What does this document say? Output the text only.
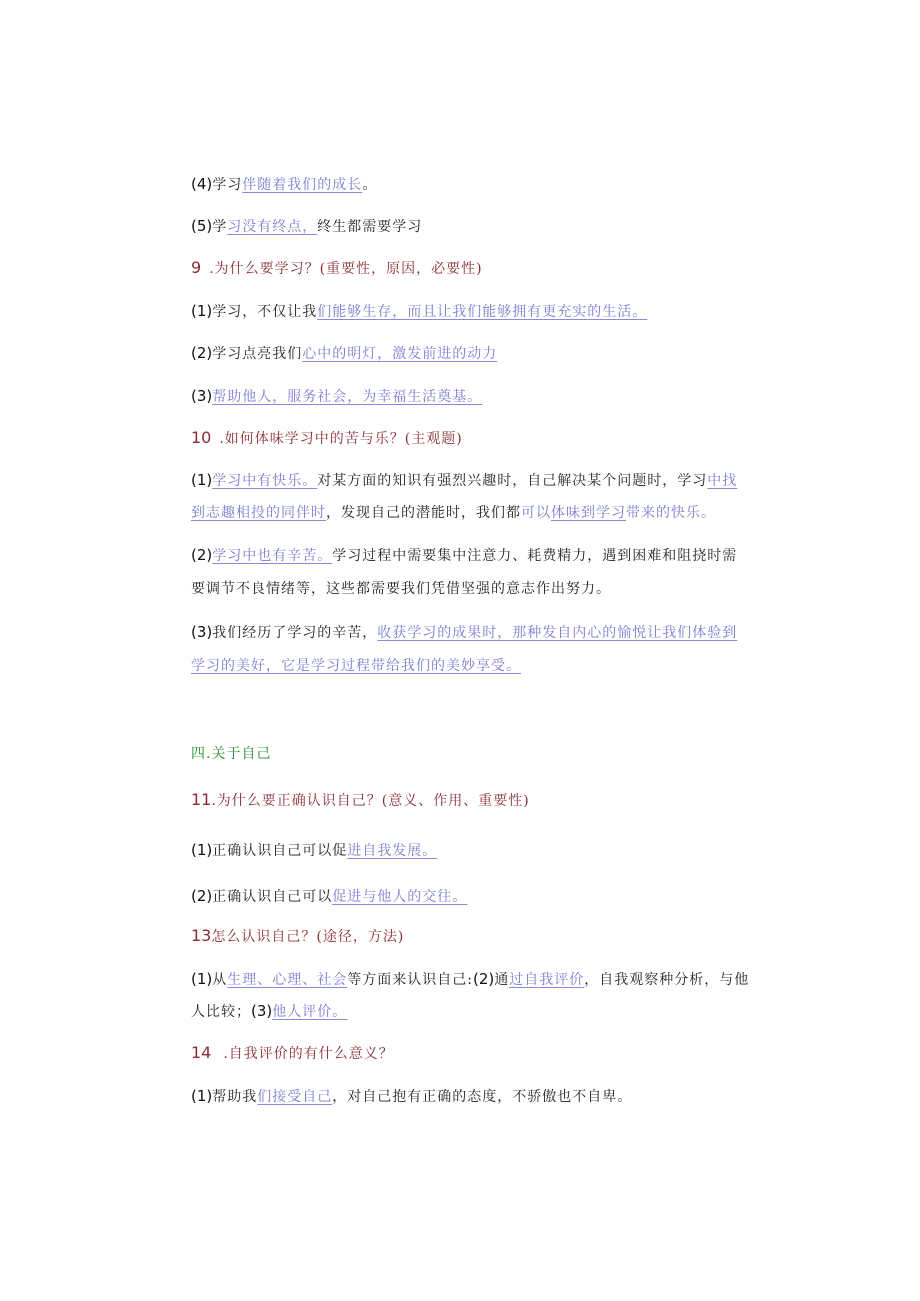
(4)学习伴随着我们的成长。
(5)学习没有终点，终生都需要学习
9 .为什么要学习？(重要性，原因，必要性)
(1)学习，不仅让我们能够生存，而且让我们能够拥有更充实的生活。
(2)学习点亮我们心中的明灯，激发前进的动力
(3)帮助他人，服务社会，为幸福生活奠基。
10 .如何体味学习中的苦与乐？(主观题)
(1)学习中有快乐。对某方面的知识有强烈兴趣时，自己解决某个问题时，学习中找
到志趣相投的同伴时，发现自己的潜能时，我们都可以体味到学习带来的快乐。
(2)学习中也有辛苦。学习过程中需要集中注意力、耗费精力，遇到困难和阻挠时需
要调节不良情绪等，这些都需要我们凭借坚强的意志作出努力。
(3)我们经历了学习的辛苦，收获学习的成果时，那种发自内心的愉悦让我们体验到
学习的美好，它是学习过程带给我们的美妙享受。
四.关于自己
11.为什么要正确认识自己？(意义、作用、重要性)
(1)正确认识自己可以促进自我发展。
(2)正确认识自己可以促进与他人的交往。
13怎么认识自己？(途径，方法)
(1)从生理、心理、社会等方面来认识自己:(2)通过自我评价，自我观察种分析，与他
人比较；(3)他人评价。
14 .自我评价的有什么意义？
(1)帮助我们接受自己，对自己抱有正确的态度，不骄傲也不自卑。
